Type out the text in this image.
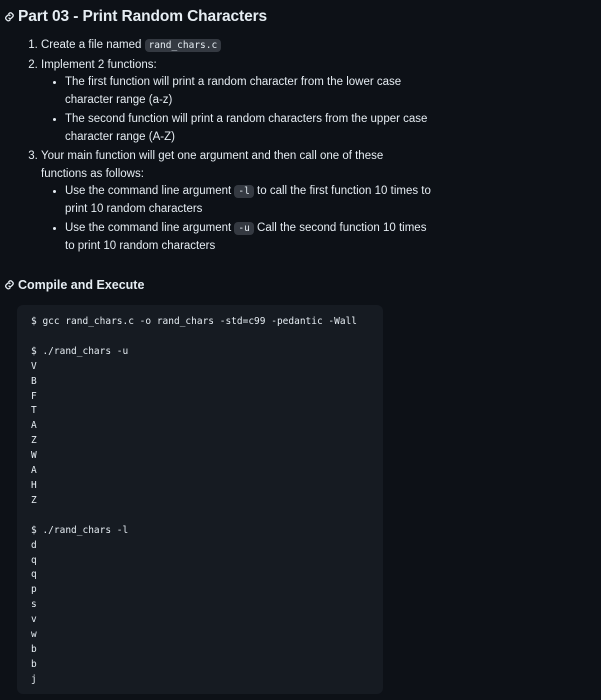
Part 03 - Print Random Characters
1. Create a file named rand_chars.c
2. Implement 2 functions:
• The first function will print a random character from the lower case character range (a-z)
• The second function will print a random characters from the upper case character range (A-Z)
3. Your main function will get one argument and then call one of these functions as follows:
• Use the command line argument -l to call the first function 10 times to print 10 random characters
• Use the command line argument -u Call the second function 10 times to print 10 random characters
Compile and Execute
$ gcc rand_chars.c -o rand_chars -std=c99 -pedantic -Wall

$ ./rand_chars -u
V
B
F
T
A
Z
W
A
H
Z

$ ./rand_chars -l
d
q
q
p
s
v
w
b
b
j
